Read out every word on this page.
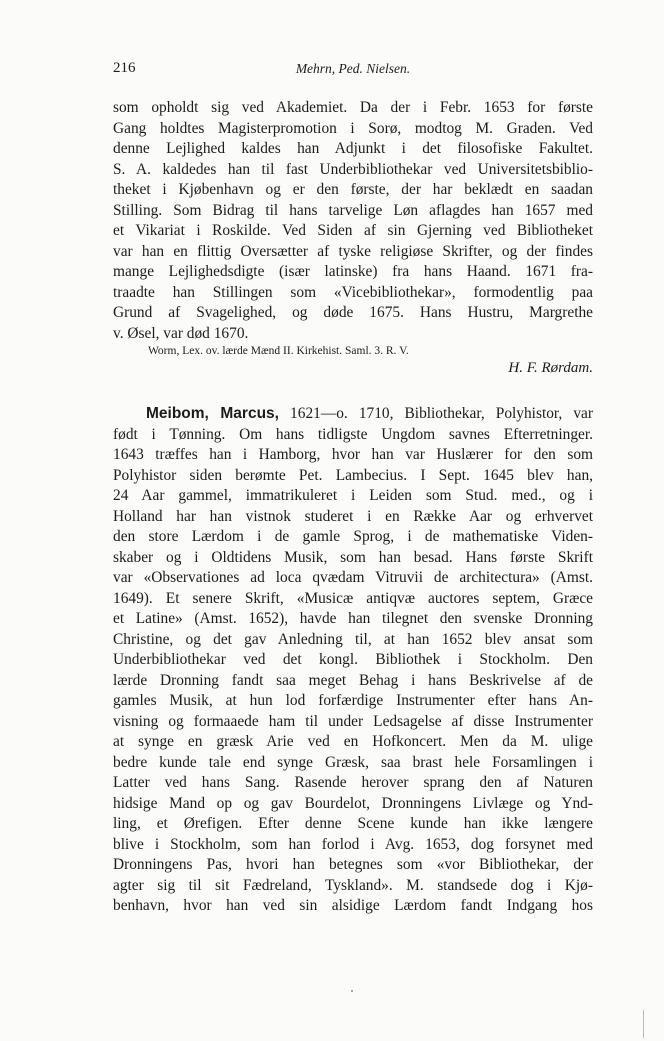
216	Mehrn, Ped. Nielsen.
som opholdt sig ved Akademiet. Da der i Febr. 1653 for første
Gang holdtes Magisterpromotion i Sorø, modtog M. Graden. Ved
denne Lejlighed kaldes han Adjunkt i det filosofiske Fakultet.
S. A. kaldedes han til fast Underbibliothekar ved Universitetsbiblio-
theket i Kjøbenhavn og er den første, der har beklædt en saadan
Stilling. Som Bidrag til hans tarvelige Løn aflagdes han 1657 med
et Vikariat i Roskilde. Ved Siden af sin Gjerning ved Bibliotheket
var han en flittig Oversætter af tyske religiøse Skrifter, og der findes
mange Lejlighedsdigte (især latinske) fra hans Haand. 1671 fra-
traadte han Stillingen som «Vicebibliothekar», formodentlig paa
Grund af Svagelighed, og døde 1675. Hans Hustru, Margrethe
v. Øsel, var død 1670.
Worm, Lex. ov. lærde Mænd II. Kirkehist. Saml. 3. R. V.
H. F. Rørdam.
Meibom, Marcus, 1621—o. 1710, Bibliothekar, Polyhistor, var
født i Tønning. Om hans tidligste Ungdom savnes Efterretninger.
1643 træffes han i Hamborg, hvor han var Huslærer for den som
Polyhistor siden berømte Pet. Lambecius. I Sept. 1645 blev han,
24 Aar gammel, immatrikuleret i Leiden som Stud. med., og i
Holland har han vistnok studeret i en Række Aar og erhvervet
den store Lærdom i de gamle Sprog, i de mathematiske Viden-
skaber og i Oldtidens Musik, som han besad. Hans første Skrift
var «Observationes ad loca qvædam Vitruvii de architectura» (Amst.
1649). Et senere Skrift, «Musicæ antiqvæ auctores septem, Græce
et Latine» (Amst. 1652), havde han tilegnet den svenske Dronning
Christine, og det gav Anledning til, at han 1652 blev ansat som
Underbibliothekar ved det kongl. Bibliothek i Stockholm. Den
lærde Dronning fandt saa meget Behag i hans Beskrivelse af de
gamles Musik, at hun lod forfærdige Instrumenter efter hans An-
visning og formaaede ham til under Ledsagelse af disse Instrumenter
at synge en græsk Arie ved en Hofkoncert. Men da M. ulige
bedre kunde tale end synge Græsk, saa brast hele Forsamlingen i
Latter ved hans Sang. Rasende herover sprang den af Naturen
hidsige Mand op og gav Bourdelot, Dronningens Livlæge og Ynd-
ling, et Ørefigen. Efter denne Scene kunde han ikke længere
blive i Stockholm, som han forlod i Avg. 1653, dog forsynet med
Dronningens Pas, hvori han betegnes som «vor Bibliothekar, der
agter sig til sit Fædreland, Tyskland». M. standsede dog i Kjø-
benhavn, hvor han ved sin alsidige Lærdom fandt Indgang hos
